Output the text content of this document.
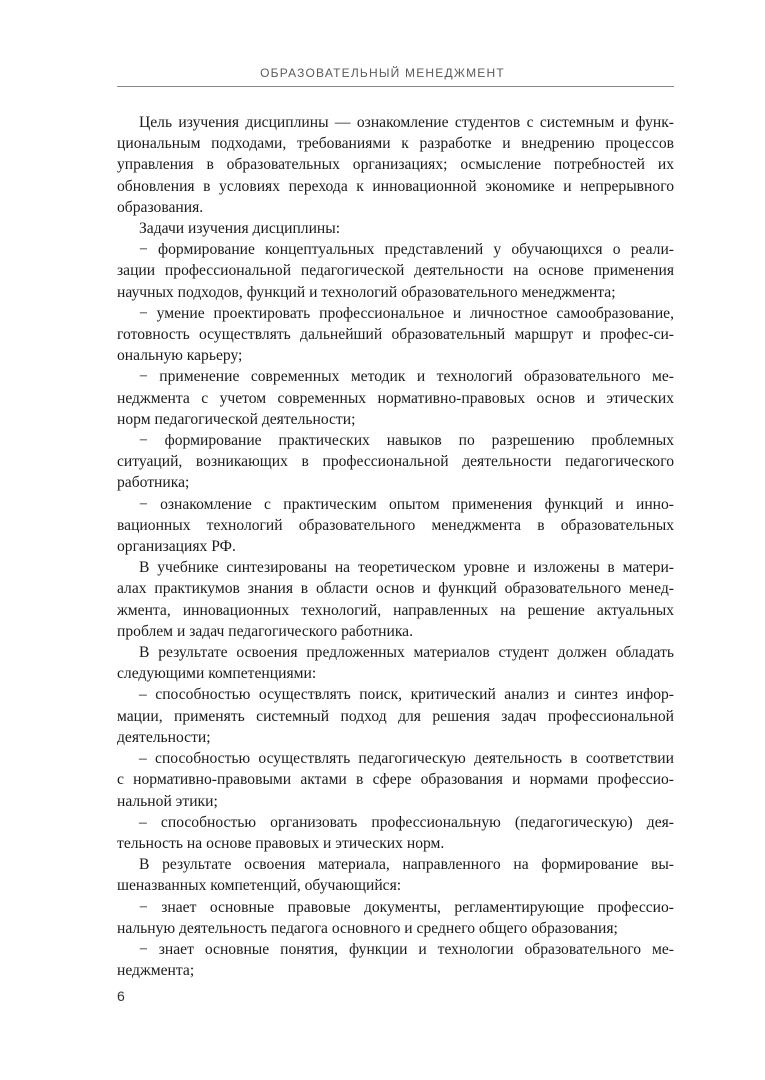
ОБРАЗОВАТЕЛЬНЫЙ МЕНЕДЖМЕНТ

Цель изучения дисциплины — ознакомление студентов с системным и функ-
циональным подходами, требованиями к разработке и внедрению процессов
управления в образовательных организациях; осмысление потребностей их
обновления в условиях перехода к инновационной экономике и непрерывного
образования.

Задачи изучения дисциплины:

− формирование концептуальных представлений у обучающихся о реали-
зации профессиональной педагогической деятельности на основе применения
научных подходов, функций и технологий образовательного менеджмента;

− умение проектировать профессиональное и личностное самообразование,
готовность осуществлять дальнейший образовательный маршрут и профес-си-
ональную карьеру;

− применение современных методик и технологий образовательного ме-
неджмента с учетом современных нормативно-правовых основ и этических
норм педагогической деятельности;

− формирование практических навыков по разрешению проблемных
ситуаций, возникающих в профессиональной деятельности педагогического
работника;

− ознакомление с практическим опытом применения функций и инно-
вационных технологий образовательного менеджмента в образовательных
организациях РФ.

В учебнике синтезированы на теоретическом уровне и изложены в матери-
алах практикумов знания в области основ и функций образовательного менед-
жмента, инновационных технологий, направленных на решение актуальных
проблем и задач педагогического работника.

В результате освоения предложенных материалов студент должен обладать
следующими компетенциями:

– способностью осуществлять поиск, критический анализ и синтез инфор-
мации, применять системный подход для решения задач профессиональной
деятельности;

– способностью осуществлять педагогическую деятельность в соответствии
с нормативно-правовыми актами в сфере образования и нормами профессио-
нальной этики;

– способностью организовать профессиональную (педагогическую) дея-
тельность на основе правовых и этических норм.

В результате освоения материала, направленного на формирование вы-
шеназванных компетенций, обучающийся:

− знает основные правовые документы, регламентирующие профессио-
нальную деятельность педагога основного и среднего общего образования;

− знает основные понятия, функции и технологии образовательного ме-
неджмента;

6
